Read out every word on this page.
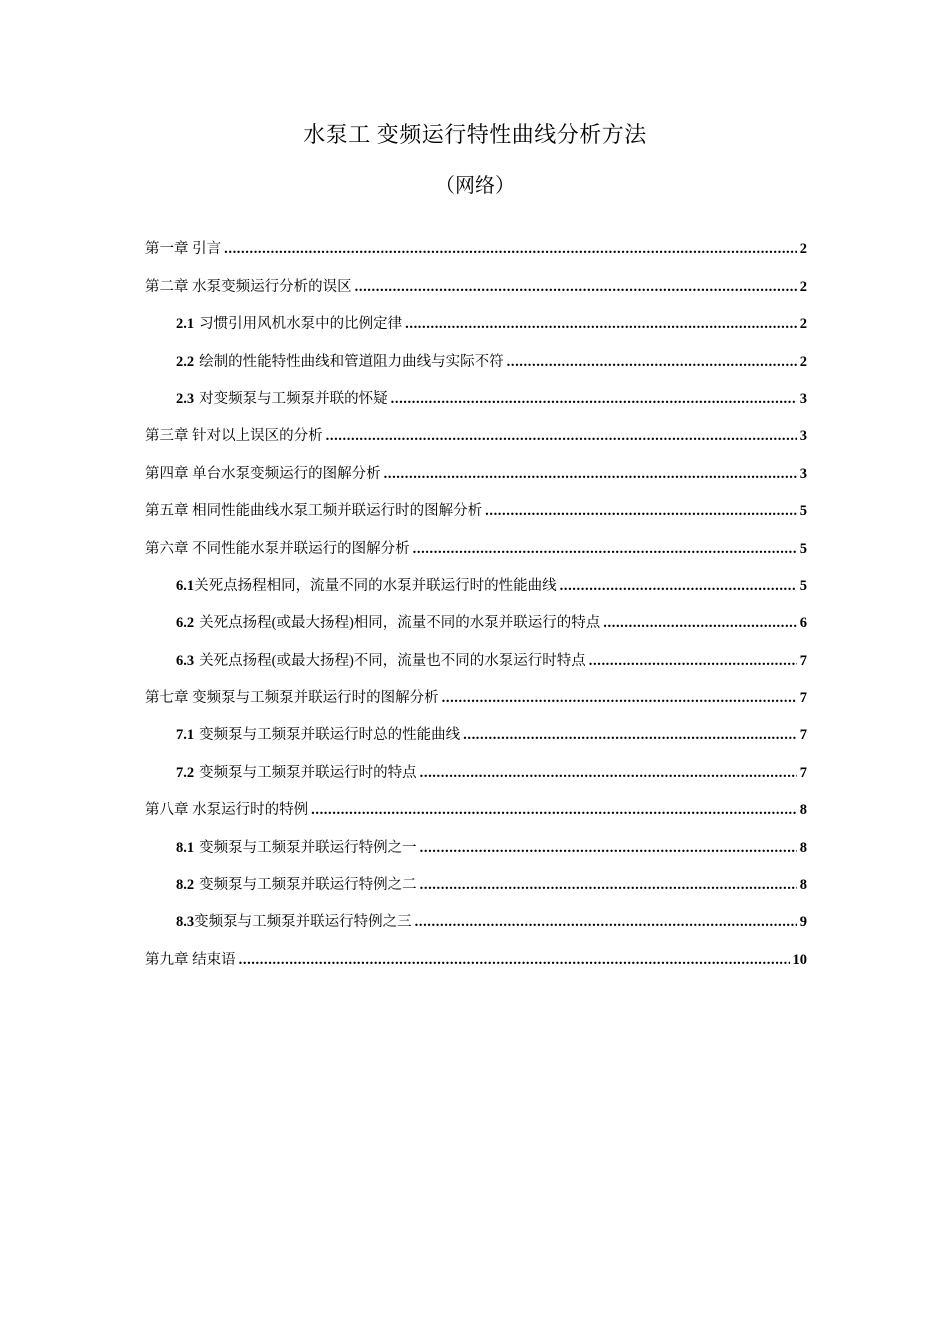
水泵工 变频运行特性曲线分析方法
（网络）
第一章 引言 .....	2
第二章 水泵变频运行分析的误区 .....	2
2.1 习惯引用风机水泵中的比例定律 .....	2
2.2 绘制的性能特性曲线和管道阻力曲线与实际不符 .....	2
2.3 对变频泵与工频泵并联的怀疑 .....	3
第三章 针对以上误区的分析 .....	3
第四章 单台水泵变频运行的图解分析 .....	3
第五章 相同性能曲线水泵工频并联运行时的图解分析 .....	5
第六章 不同性能水泵并联运行的图解分析 .....	5
6.1 关死点扬程相同，流量不同的水泵并联运行时的性能曲线 .....	5
6.2 关死点扬程(或最大扬程)相同，流量不同的水泵并联运行的特点 .....	6
6.3 关死点扬程(或最大扬程)不同，流量也不同的水泵运行时特点 .....	7
第七章 变频泵与工频泵并联运行时的图解分析 .....	7
7.1 变频泵与工频泵并联运行时总的性能曲线 .....	7
7.2 变频泵与工频泵并联运行时的特点 .....	7
第八章 水泵运行时的特例 .....	8
8.1 变频泵与工频泵并联运行特例之一 .....	8
8.2 变频泵与工频泵并联运行特例之二 .....	8
8.3 变频泵与工频泵并联运行特例之三 .....	9
第九章 结束语 .....	10
